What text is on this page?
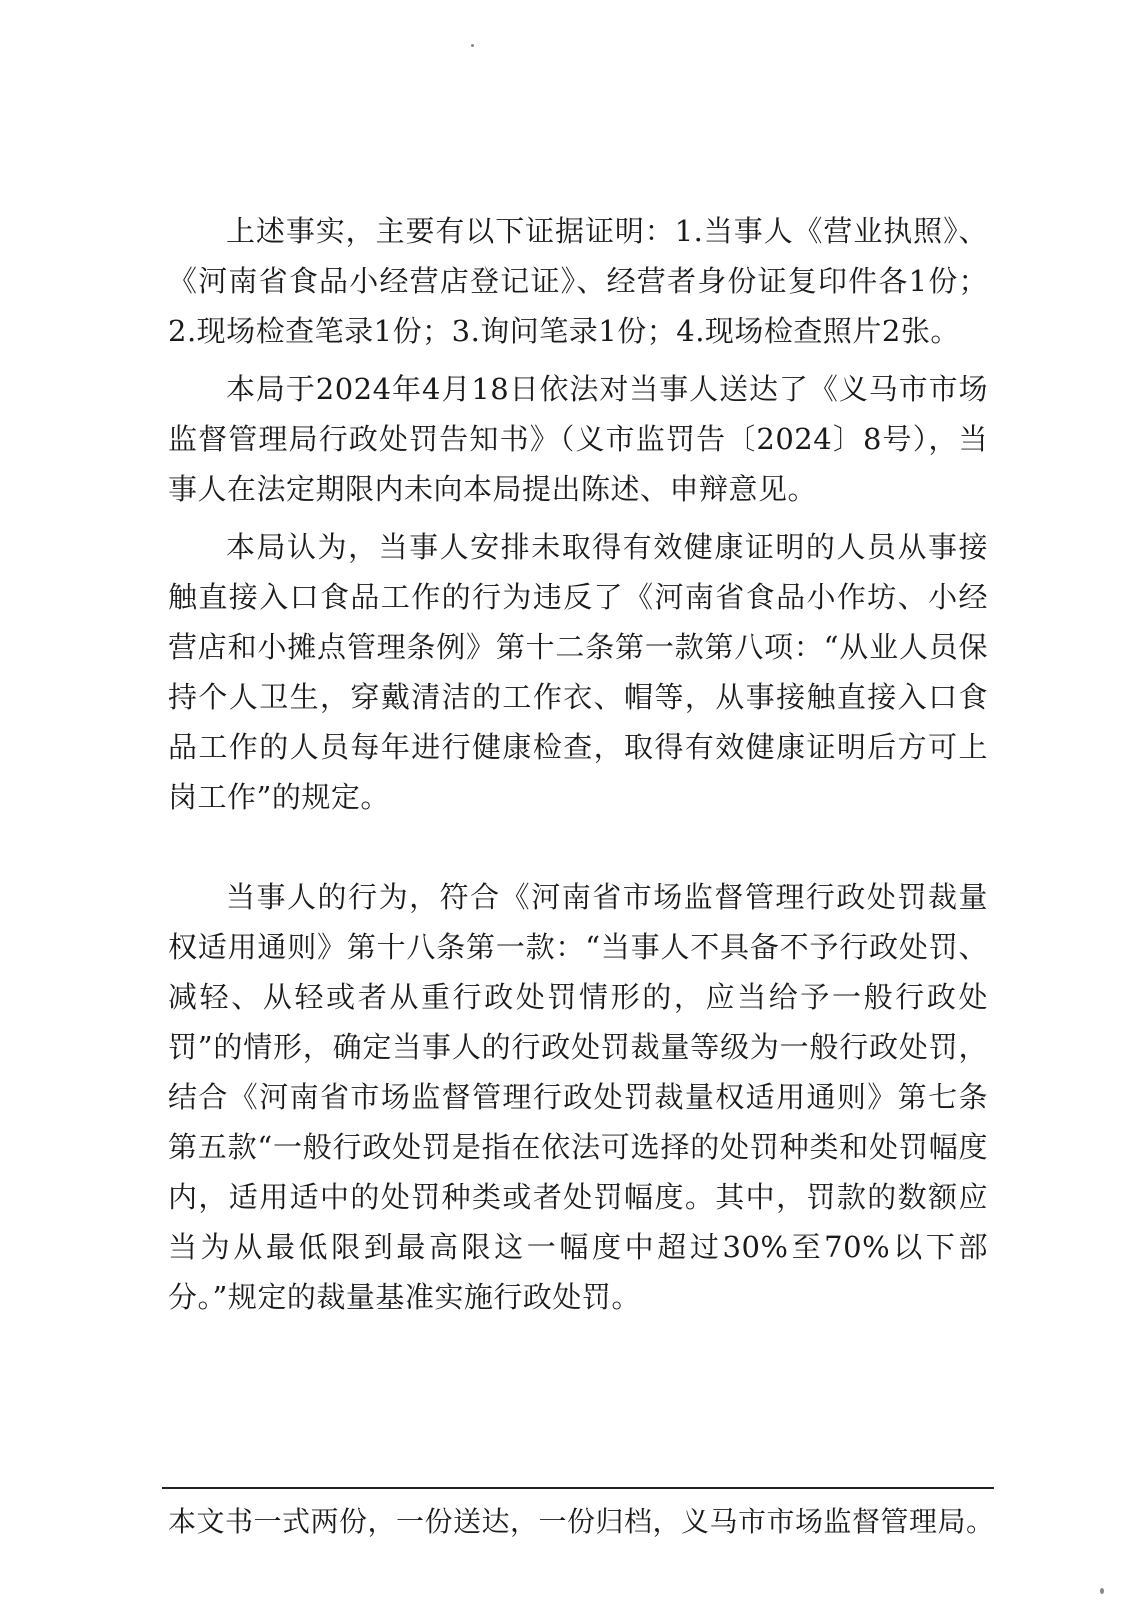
上述事实，主要有以下证据证明：1.当事人《营业执照》、《河南省食品小经营店登记证》、经营者身份证复印件各1份；2.现场检查笔录1份；3.询问笔录1份；4.现场检查照片2张。

本局于2024年4月18日依法对当事人送达了《义马市市场监督管理局行政处罚告知书》（义市监罚告〔2024〕8号），当事人在法定期限内未向本局提出陈述、申辩意见。

本局认为，当事人安排未取得有效健康证明的人员从事接触直接入口食品工作的行为违反了《河南省食品小作坊、小经营店和小摊点管理条例》第十二条第一款第八项：“从业人员保持个人卫生，穿戴清洁的工作衣、帽等，从事接触直接入口食品工作的人员每年进行健康检查，取得有效健康证明后方可上岗工作”的规定。

当事人的行为，符合《河南省市场监督管理行政处罚裁量权适用通则》第十八条第一款：“当事人不具备不予行政处罚、减轻、从轻或者从重行政处罚情形的，应当给予一般行政处罚”的情形，确定当事人的行政处罚裁量等级为一般行政处罚，结合《河南省市场监督管理行政处罚裁量权适用通则》第七条第五款“一般行政处罚是指在依法可选择的处罚种类和处罚幅度内，适用适中的处罚种类或者处罚幅度。其中，罚款的数额应当为从最低限到最高限这一幅度中超过30%至70%以下部分。”规定的裁量基准实施行政处罚。

本文书一式两份，一份送达，一份归档，义马市市场监督管理局。
